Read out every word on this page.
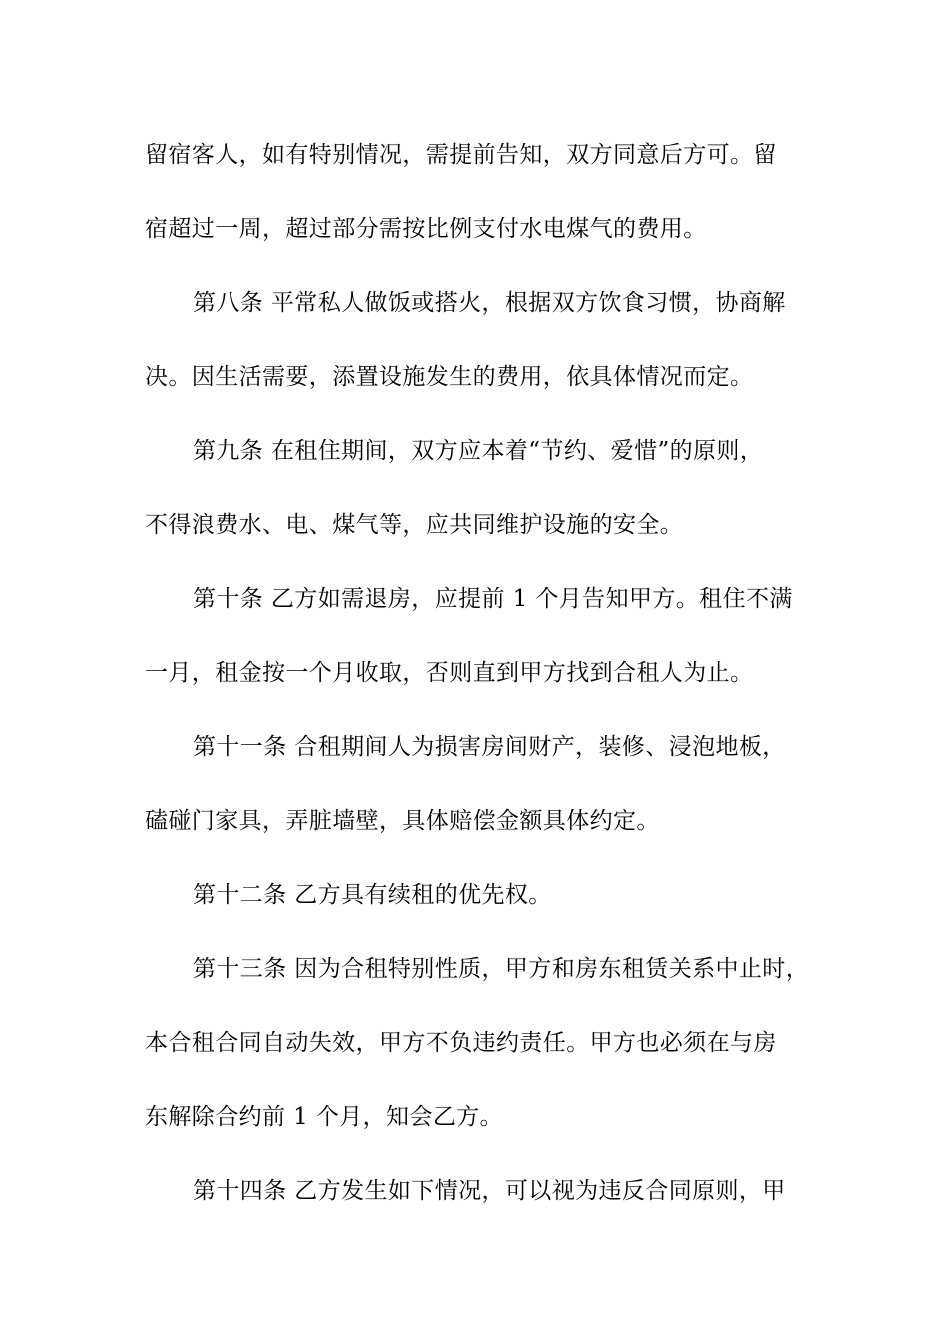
留宿客人，如有特别情况，需提前告知，双方同意后方可。留
宿超过一周，超过部分需按比例支付水电煤气的费用。
第八条 平常私人做饭或搭火，根据双方饮食习惯，协商解
决。因生活需要，添置设施发生的费用，依具体情况而定。
第九条 在租住期间，双方应本着“节约、爱惜”的原则，
不得浪费水、电、煤气等，应共同维护设施的安全。
第十条 乙方如需退房，应提前 1 个月告知甲方。租住不满
一月，租金按一个月收取，否则直到甲方找到合租人为止。
第十一条 合租期间人为损害房间财产，装修、浸泡地板，
磕碰门家具，弄脏墙壁，具体赔偿金额具体约定。
第十二条 乙方具有续租的优先权。
第十三条 因为合租特别性质，甲方和房东租赁关系中止时，
本合租合同自动失效，甲方不负违约责任。甲方也必须在与房
东解除合约前 1 个月，知会乙方。
第十四条 乙方发生如下情况，可以视为违反合同原则，甲
